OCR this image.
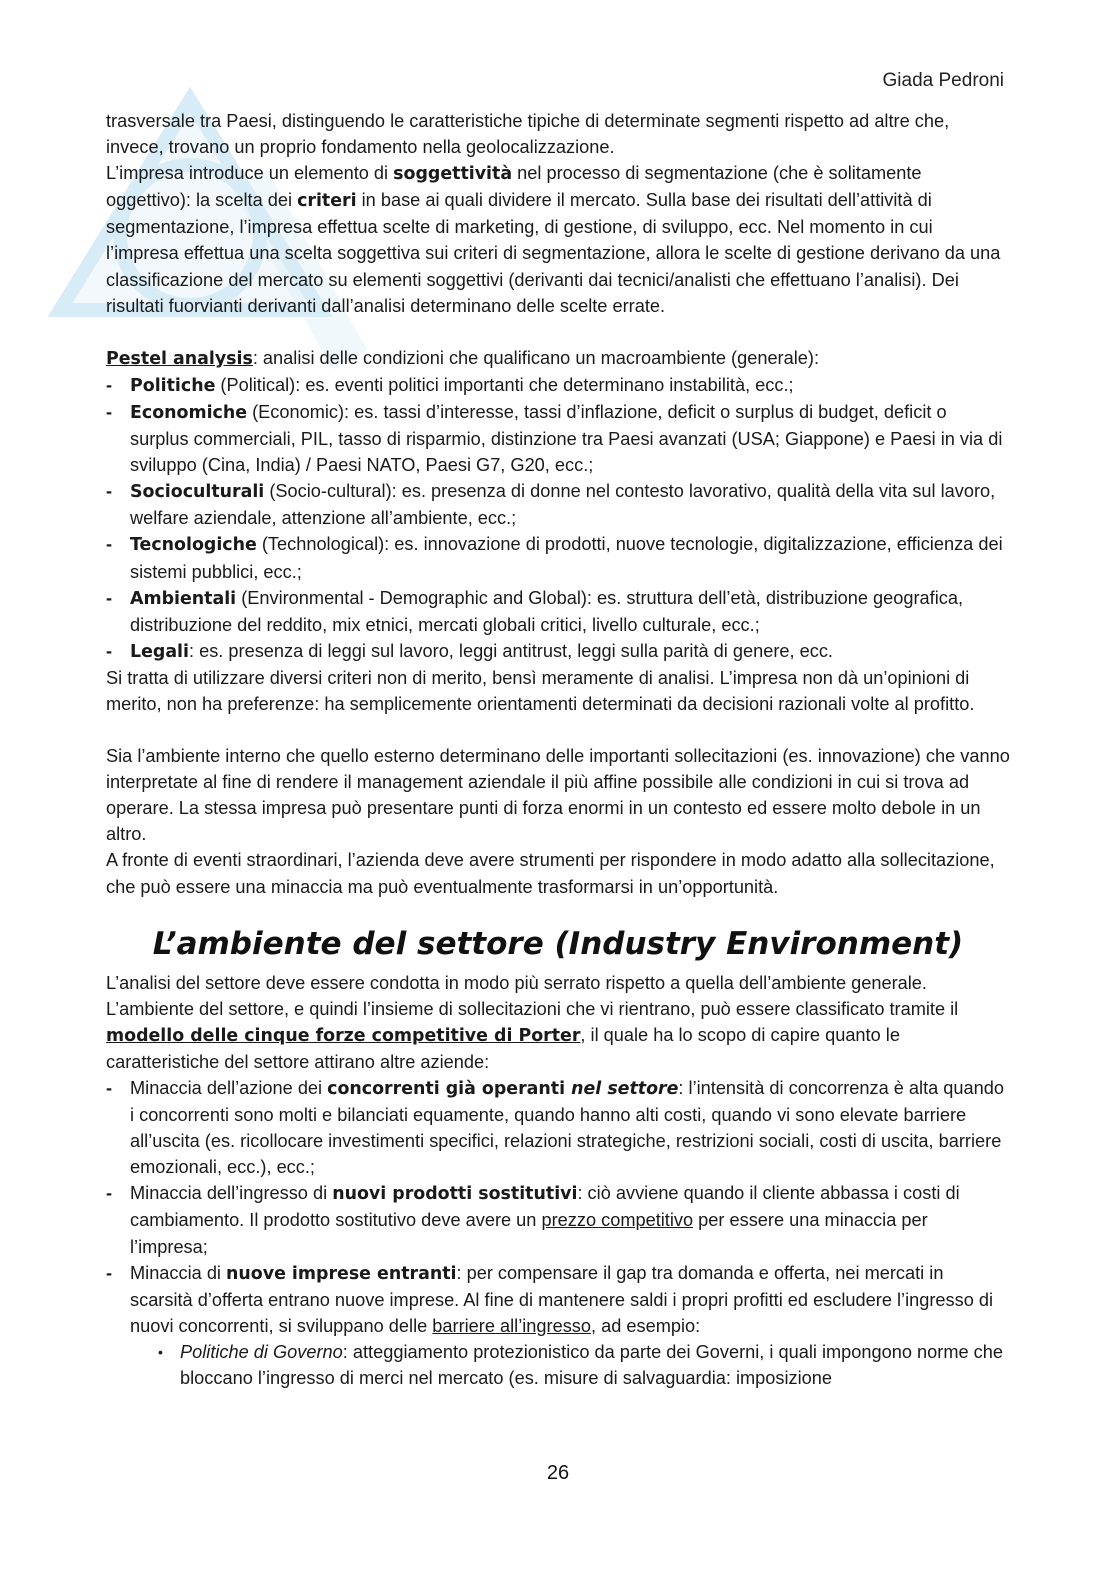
Giada Pedroni

trasversale tra Paesi, distinguendo le caratteristiche tipiche di determinate segmenti rispetto ad altre che, invece, trovano un proprio fondamento nella geolocalizzazione.

L’impresa introduce un elemento di soggettività nel processo di segmentazione (che è solitamente oggettivo): la scelta dei criteri in base ai quali dividere il mercato. Sulla base dei risultati dell’attività di segmentazione, l’impresa effettua scelte di marketing, di gestione, di sviluppo, ecc. Nel momento in cui l’impresa effettua una scelta soggettiva sui criteri di segmentazione, allora le scelte di gestione derivano da una classificazione del mercato su elementi soggettivi (derivanti dai tecnici/analisti che effettuano l’analisi). Dei risultati fuorvianti derivanti dall’analisi determinano delle scelte errate.

Pestel analysis: analisi delle condizioni che qualificano un macroambiente (generale):

- Politiche (Political): es. eventi politici importanti che determinano instabilità, ecc.;
- Economiche (Economic): es. tassi d’interesse, tassi d’inflazione, deficit o surplus di budget, deficit o surplus commerciali, PIL, tasso di risparmio, distinzione tra Paesi avanzati (USA; Giappone) e Paesi in via di sviluppo (Cina, India) / Paesi NATO, Paesi G7, G20, ecc.;
- Socioculturali (Socio-cultural): es. presenza di donne nel contesto lavorativo, qualità della vita sul lavoro, welfare aziendale, attenzione all’ambiente, ecc.;
- Tecnologiche (Technological): es. innovazione di prodotti, nuove tecnologie, digitalizzazione, efficienza dei sistemi pubblici, ecc.;
- Ambientali (Environmental - Demographic and Global): es. struttura dell’età, distribuzione geografica, distribuzione del reddito, mix etnici, mercati globali critici, livello culturale, ecc.;
- Legali: es. presenza di leggi sul lavoro, leggi antitrust, leggi sulla parità di genere, ecc.

Si tratta di utilizzare diversi criteri non di merito, bensì meramente di analisi. L’impresa non dà un’opinioni di merito, non ha preferenze: ha semplicemente orientamenti determinati da decisioni razionali volte al profitto.

Sia l’ambiente interno che quello esterno determinano delle importanti sollecitazioni (es. innovazione) che vanno interpretate al fine di rendere il management aziendale il più affine possibile alle condizioni in cui si trova ad operare. La stessa impresa può presentare punti di forza enormi in un contesto ed essere molto debole in un altro.

A fronte di eventi straordinari, l’azienda deve avere strumenti per rispondere in modo adatto alla sollecitazione, che può essere una minaccia ma può eventualmente trasformarsi in un’opportunità.

L’ambiente del settore (Industry Environment)

L’analisi del settore deve essere condotta in modo più serrato rispetto a quella dell’ambiente generale. L’ambiente del settore, e quindi l’insieme di sollecitazioni che vi rientrano, può essere classificato tramite il modello delle cinque forze competitive di Porter, il quale ha lo scopo di capire quanto le caratteristiche del settore attirano altre aziende:

- Minaccia dell’azione dei concorrenti già operanti nel settore: l’intensità di concorrenza è alta quando i concorrenti sono molti e bilanciati equamente, quando hanno alti costi, quando vi sono elevate barriere all’uscita (es. ricollocare investimenti specifici, relazioni strategiche, restrizioni sociali, costi di uscita, barriere emozionali, ecc.), ecc.;
- Minaccia dell’ingresso di nuovi prodotti sostitutivi: ciò avviene quando il cliente abbassa i costi di cambiamento. Il prodotto sostitutivo deve avere un prezzo competitivo per essere una minaccia per l’impresa;
- Minaccia di nuove imprese entranti: per compensare il gap tra domanda e offerta, nei mercati in scarsità d’offerta entrano nuove imprese. Al fine di mantenere saldi i propri profitti ed escludere l’ingresso di nuovi concorrenti, si sviluppano delle barriere all’ingresso, ad esempio:
• Politiche di Governo: atteggiamento protezionistico da parte dei Governi, i quali impongono norme che bloccano l’ingresso di merci nel mercato (es. misure di salvaguardia: imposizione
26
